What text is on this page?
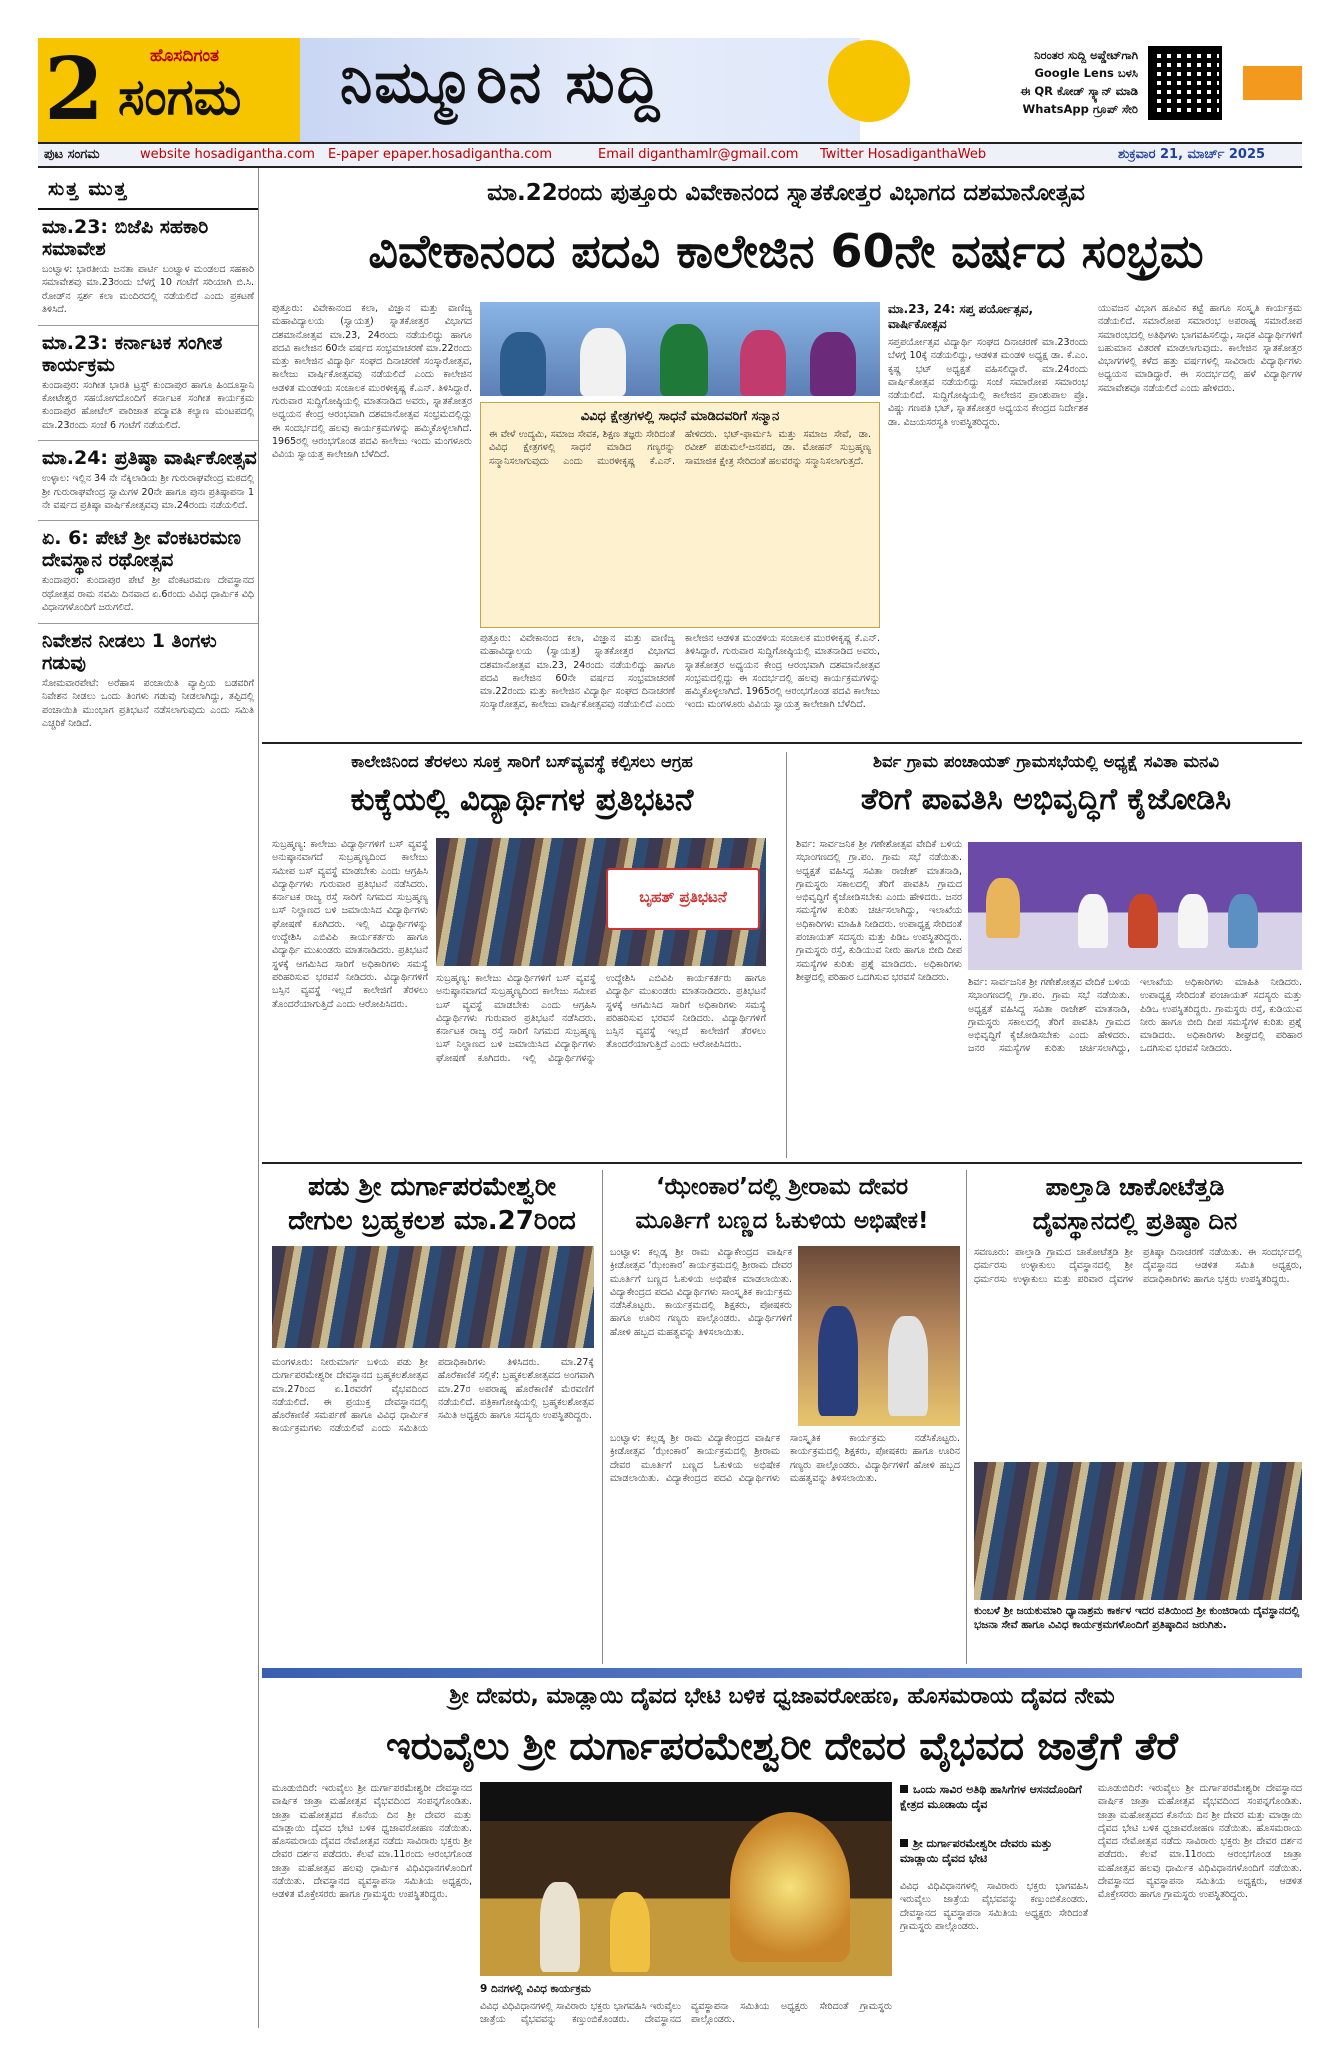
2	ಹೊಸದಿಗಂತ
ಸಂಗಮ ನಿಮ್ಮೂರಿನ ಸುದ್ದಿ	ನಿರಂತರ ಸುದ್ದಿ ಅಪ್ಡೇಟ್‌ಗಾಗಿ
Google Lens ಬಳಸಿ
ಈ QR ಕೋಡ್ ಸ್ಕ್ಯಾನ್ ಮಾಡಿ
WhatsApp ಗ್ರೂಪ್ ಸೇರಿ
ಪುಟ ಸಂಗಮ	website hosadigantha.com E-paper epaper.hosadigantha.com	Email diganthamlr@gmail.com Twitter HosadiganthaWeb	ಶುಕ್ರವಾರ 21, ಮಾರ್ಚ್ 2025
ಸುತ್ತ ಮುತ್ತ
ಮಾ.23: ಬಿಜೆಪಿ ಸಹಕಾರಿ ಸಮಾವೇಶ

ಬಂಟ್ವಾಳ: ಭಾರತೀಯ ಜನತಾ ಪಾರ್ಟಿ ಬಂಟ್ವಾಳ ಮಂಡಲದ ಸಹಕಾರಿ ಸಮಾವೇಶವು ಮಾ.23ರಂದು ಬೆಳಗ್ಗೆ 10 ಗಂಟೆಗೆ ಸರಿಯಾಗಿ ಬಿ.ಸಿ. ರೋಡ್‌ನ ಸ್ಪರ್ಶ ಕಲಾ ಮಂದಿರದಲ್ಲಿ ನಡೆಯಲಿದೆ ಎಂದು ಪ್ರಕಟಣೆ ತಿಳಿಸಿದೆ.

ಮಾ.23: ಕರ್ನಾಟಕ ಸಂಗೀತ ಕಾರ್ಯಕ್ರಮ

ಕುಂದಾಪುರ: ಸಂಗೀತ ಭಾರತಿ ಟ್ರಸ್ಟ್ ಕುಂದಾಪುರ ಹಾಗೂ ಹಿಂದೂಸ್ಥಾನಿ ಕೋಟೇಶ್ವರ ಸಹಯೋಗದೊಂದಿಗೆ ಕರ್ನಾಟಕ ಸಂಗೀತ ಕಾರ್ಯಕ್ರಮ ಕುಂದಾಪುರ ಹೋಟೆಲ್ ಪಾರಿಜಾತ ಪದ್ಮಾವತಿ ಕಲ್ಯಾಣ ಮಂಟಪದಲ್ಲಿ ಮಾ.23ರಂದು ಸಂಜೆ 6 ಗಂಟೆಗೆ ನಡೆಯಲಿದೆ.

ಮಾ.24: ಪ್ರತಿಷ್ಠಾ ವಾರ್ಷಿಕೋತ್ಸವ

ಉಳ್ಳಾಲ: ಇಲ್ಲಿನ 34 ನೇ ನೆಕ್ಕಿಲಾಡಿಯ ಶ್ರೀ ಗುರುರಾಘವೇಂದ್ರ ಮಠದಲ್ಲಿ ಶ್ರೀ ಗುರುರಾಘವೇಂದ್ರ ಸ್ವಾಮಿಗಳ 20ನೇ ಹಾಗೂ ಪುನಃ ಪ್ರತಿಷ್ಠಾಪನಾ 1 ನೇ ವರ್ಷದ ಪ್ರತಿಷ್ಠಾ ವಾರ್ಷಿಕೋತ್ಸವವು ಮಾ.24ರಂದು ನಡೆಯಲಿದೆ.

ಏ. 6: ಪೇಟೆ ಶ್ರೀ ವೆಂಕಟರಮಣ ದೇವಸ್ಥಾನ ರಥೋತ್ಸವ

ಕುಂದಾಪುರ: ಕುಂದಾಪುರ ಪೇಟೆ ಶ್ರೀ ವೆಂಕಟರಮಣ ದೇವಸ್ಥಾನದ ರಥೋತ್ಸವ ರಾಮ ನವಮಿ ದಿನವಾದ ಏ.6ರಂದು ವಿವಿಧ ಧಾರ್ಮಿಕ ವಿಧಿ ವಿಧಾನಗಳೊಂದಿಗೆ ಜರುಗಲಿದೆ.

ನಿವೇಶನ ನೀಡಲು 1 ತಿಂಗಳು ಗಡುವು

ಸೋಮವಾರಪೇಟೆ: ಅರೆಹಾಸ ಪಂಚಾಯಿತಿ ವ್ಯಾಪ್ತಿಯ ಬಡವರಿಗೆ ನಿವೇಶನ ನೀಡಲು ಒಂದು ತಿಂಗಳು ಗಡುವು ನೀಡಲಾಗಿದ್ದು, ತಪ್ಪಿದಲ್ಲಿ ಪಂಚಾಯಿತಿ ಮುಂಭಾಗ ಪ್ರತಿಭಟನೆ ನಡೆಸಲಾಗುವುದು ಎಂದು ಸಮಿತಿ ಎಚ್ಚರಿಕೆ ನೀಡಿದೆ.

ಮಾ.22ರಂದು ಪುತ್ತೂರು ವಿವೇಕಾನಂದ ಸ್ನಾತಕೋತ್ತರ ವಿಭಾಗದ ದಶಮಾನೋತ್ಸವ
ವಿವೇಕಾನಂದ ಪದವಿ ಕಾಲೇಜಿನ 60ನೇ ವರ್ಷದ ಸಂಭ್ರಮ
ಪುತ್ತೂರು: ವಿವೇಕಾನಂದ ಕಲಾ, ವಿಜ್ಞಾನ ಮತ್ತು ವಾಣಿಜ್ಯ ಮಹಾವಿದ್ಯಾಲಯ (ಸ್ವಾಯತ್ತ) ಸ್ನಾತಕೋತ್ತರ ವಿಭಾಗದ ದಶಮಾನೋತ್ಸವ ಮಾ.23, 24ರಂದು ನಡೆಯಲಿದ್ದು ಹಾಗೂ ಪದವಿ ಕಾಲೇಜಿನ 60ನೇ ವರ್ಷದ ಸಂಭ್ರಮಾಚರಣೆ ಮಾ.22ರಂದು ಮತ್ತು ಕಾಲೇಜಿನ ವಿದ್ಯಾರ್ಥಿ ಸಂಘದ ದಿನಾಚರಣೆ ಸಂಸ್ಕಾರೋತ್ಸವ, ಕಾಲೇಜು ವಾರ್ಷಿಕೋತ್ಸವವು ನಡೆಯಲಿದೆ ಎಂದು ಕಾಲೇಜಿನ ಆಡಳಿತ ಮಂಡಳಿಯ ಸಂಚಾಲಕ ಮುರಳೀಕೃಷ್ಣ ಕೆ.ಎನ್. ತಿಳಿಸಿದ್ದಾರೆ. ಗುರುವಾರ ಸುದ್ದಿಗೋಷ್ಠಿಯಲ್ಲಿ ಮಾತನಾಡಿದ ಅವರು, ಸ್ನಾತಕೋತ್ತರ ಅಧ್ಯಯನ ಕೇಂದ್ರ ಆರಂಭವಾಗಿ ದಶಮಾನೋತ್ಸವ ಸಂಭ್ರಮದಲ್ಲಿದ್ದು ಈ ಸಂದರ್ಭದಲ್ಲಿ ಹಲವು ಕಾರ್ಯಕ್ರಮಗಳನ್ನು ಹಮ್ಮಿಕೊಳ್ಳಲಾಗಿದೆ. 1965ರಲ್ಲಿ ಆರಂಭಗೊಂಡ ಪದವಿ ಕಾಲೇಜು ಇಂದು ಮಂಗಳೂರು ವಿವಿಯ ಸ್ವಾಯತ್ತ ಕಾಲೇಜಾಗಿ ಬೆಳೆದಿದೆ.
ವಿವಿಧ ಕ್ಷೇತ್ರಗಳಲ್ಲಿ ಸಾಧನೆ ಮಾಡಿದವರಿಗೆ ಸನ್ಮಾನ
ಈ ವೇಳೆ ಉದ್ಯಮಿ, ಸಮಾಜ ಸೇವಕ, ಶಿಕ್ಷಣ ತಜ್ಞರು ಸೇರಿದಂತೆ ವಿವಿಧ ಕ್ಷೇತ್ರಗಳಲ್ಲಿ ಸಾಧನೆ ಮಾಡಿದ ಗಣ್ಯರನ್ನು ಸನ್ಮಾನಿಸಲಾಗುವುದು ಎಂದು ಮುರಳೀಕೃಷ್ಣ ಕೆ.ಎನ್. ಹೇಳಿದರು. ಭಟ್-ಫಾರ್ಮಸಿ ಮತ್ತು ಸಮಾಜ ಸೇವೆ, ಡಾ. ರವೀಶ್ ಪಡುಮಲೆ-ಜನಪದ, ಡಾ. ಮೋಹನ್ ಸುಬ್ರಹ್ಮಣ್ಯ ಸಾಮಾಜಿಕ ಕ್ಷೇತ್ರ ಸೇರಿದಂತೆ ಹಲವರನ್ನು ಸನ್ಮಾನಿಸಲಾಗುತ್ತದೆ.
ಪುತ್ತೂರು: ವಿವೇಕಾನಂದ ಕಲಾ, ವಿಜ್ಞಾನ ಮತ್ತು ವಾಣಿಜ್ಯ ಮಹಾವಿದ್ಯಾಲಯ (ಸ್ವಾಯತ್ತ) ಸ್ನಾತಕೋತ್ತರ ವಿಭಾಗದ ದಶಮಾನೋತ್ಸವ ಮಾ.23, 24ರಂದು ನಡೆಯಲಿದ್ದು ಹಾಗೂ ಪದವಿ ಕಾಲೇಜಿನ 60ನೇ ವರ್ಷದ ಸಂಭ್ರಮಾಚರಣೆ ಮಾ.22ರಂದು ಮತ್ತು ಕಾಲೇಜಿನ ವಿದ್ಯಾರ್ಥಿ ಸಂಘದ ದಿನಾಚರಣೆ ಸಂಸ್ಕಾರೋತ್ಸವ, ಕಾಲೇಜು ವಾರ್ಷಿಕೋತ್ಸವವು ನಡೆಯಲಿದೆ ಎಂದು ಕಾಲೇಜಿನ ಆಡಳಿತ ಮಂಡಳಿಯ ಸಂಚಾಲಕ ಮುರಳೀಕೃಷ್ಣ ಕೆ.ಎನ್. ತಿಳಿಸಿದ್ದಾರೆ. ಗುರುವಾರ ಸುದ್ದಿಗೋಷ್ಠಿಯಲ್ಲಿ ಮಾತನಾಡಿದ ಅವರು, ಸ್ನಾತಕೋತ್ತರ ಅಧ್ಯಯನ ಕೇಂದ್ರ ಆರಂಭವಾಗಿ ದಶಮಾನೋತ್ಸವ ಸಂಭ್ರಮದಲ್ಲಿದ್ದು ಈ ಸಂದರ್ಭದಲ್ಲಿ ಹಲವು ಕಾರ್ಯಕ್ರಮಗಳನ್ನು ಹಮ್ಮಿಕೊಳ್ಳಲಾಗಿದೆ. 1965ರಲ್ಲಿ ಆರಂಭಗೊಂಡ ಪದವಿ ಕಾಲೇಜು ಇಂದು ಮಂಗಳೂರು ವಿವಿಯ ಸ್ವಾಯತ್ತ ಕಾಲೇಜಾಗಿ ಬೆಳೆದಿದೆ.
ಮಾ.23, 24: ಸಪ್ತ ಪರ್ಯೋತ್ಸವ, ವಾರ್ಷಿಕೋತ್ಸವ
ಸಪ್ತಪರ್ಯೋತ್ಸವ ವಿದ್ಯಾರ್ಥಿ ಸಂಘದ ದಿನಾಚರಣೆ ಮಾ.23ರಂದು ಬೆಳಗ್ಗೆ 10ಕ್ಕೆ ನಡೆಯಲಿದ್ದು, ಆಡಳಿತ ಮಂಡಳಿ ಅಧ್ಯಕ್ಷ ಡಾ. ಕೆ.ಎಂ. ಕೃಷ್ಣ ಭಟ್ ಅಧ್ಯಕ್ಷತೆ ವಹಿಸಲಿದ್ದಾರೆ. ಮಾ.24ರಂದು ವಾರ್ಷಿಕೋತ್ಸವ ನಡೆಯಲಿದ್ದು ಸಂಜೆ ಸಮಾರೋಪ ಸಮಾರಂಭ ನಡೆಯಲಿದೆ. ಸುದ್ದಿಗೋಷ್ಠಿಯಲ್ಲಿ ಕಾಲೇಜಿನ ಪ್ರಾಂಶುಪಾಲ ಪ್ರೊ. ವಿಷ್ಣು ಗಣಪತಿ ಭಟ್, ಸ್ನಾತಕೋತ್ತರ ಅಧ್ಯಯನ ಕೇಂದ್ರದ ನಿರ್ದೇಶಕ ಡಾ. ವಿಜಯಸರಸ್ವತಿ ಉಪಸ್ಥಿತರಿದ್ದರು.
ಯುವಜನ ವಿಭಾಗ ಹೂವಿನ ಕಟ್ಟೆ ಹಾಗೂ ಸಂಸ್ಕೃತಿ ಕಾರ್ಯಕ್ರಮ ನಡೆಯಲಿದೆ. ಸಮಾರೋಪ ಸಮಾರಂಭ ಅಪರಾಹ್ನ ಸಮಾರೋಪ ಸಮಾರಂಭದಲ್ಲಿ ಅತಿಥಿಗಳು ಭಾಗವಹಿಸಲಿದ್ದು, ಸಾಧಕ ವಿದ್ಯಾರ್ಥಿಗಳಿಗೆ ಬಹುಮಾನ ವಿತರಣೆ ಮಾಡಲಾಗುವುದು. ಕಾಲೇಜಿನ ಸ್ನಾತಕೋತ್ತರ ವಿಭಾಗಗಳಲ್ಲಿ ಕಳೆದ ಹತ್ತು ವರ್ಷಗಳಲ್ಲಿ ಸಾವಿರಾರು ವಿದ್ಯಾರ್ಥಿಗಳು ಅಧ್ಯಯನ ಮಾಡಿದ್ದಾರೆ. ಈ ಸಂದರ್ಭದಲ್ಲಿ ಹಳೆ ವಿದ್ಯಾರ್ಥಿಗಳ ಸಮಾವೇಶವೂ ನಡೆಯಲಿದೆ ಎಂದು ಹೇಳಿದರು.
ಕಾಲೇಜಿನಿಂದ ತೆರಳಲು ಸೂಕ್ತ ಸಾರಿಗೆ ಬಸ್‌ವ್ಯವಸ್ಥೆ ಕಲ್ಪಿಸಲು ಆಗ್ರಹ
ಕುಕ್ಕೆಯಲ್ಲಿ ವಿದ್ಯಾರ್ಥಿಗಳ ಪ್ರತಿಭಟನೆ
ಸುಬ್ರಹ್ಮಣ್ಯ: ಕಾಲೇಜು ವಿದ್ಯಾರ್ಥಿಗಳಿಗೆ ಬಸ್ ವ್ಯವಸ್ಥೆ ಅನುಷ್ಠಾನವಾಗದೆ ಸುಬ್ರಹ್ಮಣ್ಯದಿಂದ ಕಾಲೇಜು ಸಮೀಪ ಬಸ್ ವ್ಯವಸ್ಥೆ ಮಾಡಬೇಕು ಎಂದು ಆಗ್ರಹಿಸಿ ವಿದ್ಯಾರ್ಥಿಗಳು ಗುರುವಾರ ಪ್ರತಿಭಟನೆ ನಡೆಸಿದರು. ಕರ್ನಾಟಕ ರಾಜ್ಯ ರಸ್ತೆ ಸಾರಿಗೆ ನಿಗಮದ ಸುಬ್ರಹ್ಮಣ್ಯ ಬಸ್ ನಿಲ್ದಾಣದ ಬಳಿ ಜಮಾಯಿಸಿದ ವಿದ್ಯಾರ್ಥಿಗಳು ಘೋಷಣೆ ಕೂಗಿದರು. ಇಲ್ಲಿ ವಿದ್ಯಾರ್ಥಿಗಳನ್ನು ಉದ್ದೇಶಿಸಿ ಎಬಿವಿಪಿ ಕಾರ್ಯಕರ್ತರು ಹಾಗೂ ವಿದ್ಯಾರ್ಥಿ ಮುಖಂಡರು ಮಾತನಾಡಿದರು. ಪ್ರತಿಭಟನೆ ಸ್ಥಳಕ್ಕೆ ಆಗಮಿಸಿದ ಸಾರಿಗೆ ಅಧಿಕಾರಿಗಳು ಸಮಸ್ಯೆ ಪರಿಹರಿಸುವ ಭರವಸೆ ನೀಡಿದರು. ವಿದ್ಯಾರ್ಥಿಗಳಿಗೆ ಬಸ್ಸಿನ ವ್ಯವಸ್ಥೆ ಇಲ್ಲದೆ ಕಾಲೇಜಿಗೆ ತೆರಳಲು ತೊಂದರೆಯಾಗುತ್ತಿದೆ ಎಂದು ಆರೋಪಿಸಿದರು.
ಬೃಹತ್ ಪ್ರತಿಭಟನೆ
ಸುಬ್ರಹ್ಮಣ್ಯ: ಕಾಲೇಜು ವಿದ್ಯಾರ್ಥಿಗಳಿಗೆ ಬಸ್ ವ್ಯವಸ್ಥೆ ಅನುಷ್ಠಾನವಾಗದೆ ಸುಬ್ರಹ್ಮಣ್ಯದಿಂದ ಕಾಲೇಜು ಸಮೀಪ ಬಸ್ ವ್ಯವಸ್ಥೆ ಮಾಡಬೇಕು ಎಂದು ಆಗ್ರಹಿಸಿ ವಿದ್ಯಾರ್ಥಿಗಳು ಗುರುವಾರ ಪ್ರತಿಭಟನೆ ನಡೆಸಿದರು. ಕರ್ನಾಟಕ ರಾಜ್ಯ ರಸ್ತೆ ಸಾರಿಗೆ ನಿಗಮದ ಸುಬ್ರಹ್ಮಣ್ಯ ಬಸ್ ನಿಲ್ದಾಣದ ಬಳಿ ಜಮಾಯಿಸಿದ ವಿದ್ಯಾರ್ಥಿಗಳು ಘೋಷಣೆ ಕೂಗಿದರು. ಇಲ್ಲಿ ವಿದ್ಯಾರ್ಥಿಗಳನ್ನು ಉದ್ದೇಶಿಸಿ ಎಬಿವಿಪಿ ಕಾರ್ಯಕರ್ತರು ಹಾಗೂ ವಿದ್ಯಾರ್ಥಿ ಮುಖಂಡರು ಮಾತನಾಡಿದರು. ಪ್ರತಿಭಟನೆ ಸ್ಥಳಕ್ಕೆ ಆಗಮಿಸಿದ ಸಾರಿಗೆ ಅಧಿಕಾರಿಗಳು ಸಮಸ್ಯೆ ಪರಿಹರಿಸುವ ಭರವಸೆ ನೀಡಿದರು. ವಿದ್ಯಾರ್ಥಿಗಳಿಗೆ ಬಸ್ಸಿನ ವ್ಯವಸ್ಥೆ ಇಲ್ಲದೆ ಕಾಲೇಜಿಗೆ ತೆರಳಲು ತೊಂದರೆಯಾಗುತ್ತಿದೆ ಎಂದು ಆರೋಪಿಸಿದರು.
ಶಿರ್ವ ಗ್ರಾಮ ಪಂಚಾಯತ್ ಗ್ರಾಮಸಭೆಯಲ್ಲಿ ಅಧ್ಯಕ್ಷೆ ಸವಿತಾ ಮನವಿ
ತೆರಿಗೆ ಪಾವತಿಸಿ ಅಭಿವೃದ್ಧಿಗೆ ಕೈಜೋಡಿಸಿ
ಶಿರ್ವ: ಸಾರ್ವಜನಿಕ ಶ್ರೀ ಗಣೇಶೋತ್ಸವ ವೇದಿಕೆ ಬಳಿಯ ಸಭಾಂಗಣದಲ್ಲಿ ಗ್ರಾ.ಪಂ. ಗ್ರಾಮ ಸಭೆ ನಡೆಯಿತು. ಅಧ್ಯಕ್ಷತೆ ವಹಿಸಿದ್ದ ಸವಿತಾ ರಾಜೇಶ್ ಮಾತನಾಡಿ, ಗ್ರಾಮಸ್ಥರು ಸಕಾಲದಲ್ಲಿ ತೆರಿಗೆ ಪಾವತಿಸಿ ಗ್ರಾಮದ ಅಭಿವೃದ್ಧಿಗೆ ಕೈಜೋಡಿಸಬೇಕು ಎಂದು ಹೇಳಿದರು. ಜನರ ಸಮಸ್ಯೆಗಳ ಕುರಿತು ಚರ್ಚಿಸಲಾಗಿದ್ದು, ಇಲಾಖೆಯ ಅಧಿಕಾರಿಗಳು ಮಾಹಿತಿ ನೀಡಿದರು. ಉಪಾಧ್ಯಕ್ಷ ಸೇರಿದಂತೆ ಪಂಚಾಯತ್ ಸದಸ್ಯರು ಮತ್ತು ಪಿಡಿಒ ಉಪಸ್ಥಿತರಿದ್ದರು. ಗ್ರಾಮಸ್ಥರು ರಸ್ತೆ, ಕುಡಿಯುವ ನೀರು ಹಾಗೂ ಬೀದಿ ದೀಪ ಸಮಸ್ಯೆಗಳ ಕುರಿತು ಪ್ರಶ್ನೆ ಮಾಡಿದರು. ಅಧಿಕಾರಿಗಳು ಶೀಘ್ರದಲ್ಲಿ ಪರಿಹಾರ ಒದಗಿಸುವ ಭರವಸೆ ನೀಡಿದರು.	ಶಿರ್ವ: ಸಾರ್ವಜನಿಕ ಶ್ರೀ ಗಣೇಶೋತ್ಸವ ವೇದಿಕೆ ಬಳಿಯ ಸಭಾಂಗಣದಲ್ಲಿ ಗ್ರಾ.ಪಂ. ಗ್ರಾಮ ಸಭೆ ನಡೆಯಿತು. ಅಧ್ಯಕ್ಷತೆ ವಹಿಸಿದ್ದ ಸವಿತಾ ರಾಜೇಶ್ ಮಾತನಾಡಿ, ಗ್ರಾಮಸ್ಥರು ಸಕಾಲದಲ್ಲಿ ತೆರಿಗೆ ಪಾವತಿಸಿ ಗ್ರಾಮದ ಅಭಿವೃದ್ಧಿಗೆ ಕೈಜೋಡಿಸಬೇಕು ಎಂದು ಹೇಳಿದರು. ಜನರ ಸಮಸ್ಯೆಗಳ ಕುರಿತು ಚರ್ಚಿಸಲಾಗಿದ್ದು, ಇಲಾಖೆಯ ಅಧಿಕಾರಿಗಳು ಮಾಹಿತಿ ನೀಡಿದರು. ಉಪಾಧ್ಯಕ್ಷ ಸೇರಿದಂತೆ ಪಂಚಾಯತ್ ಸದಸ್ಯರು ಮತ್ತು ಪಿಡಿಒ ಉಪಸ್ಥಿತರಿದ್ದರು. ಗ್ರಾಮಸ್ಥರು ರಸ್ತೆ, ಕುಡಿಯುವ ನೀರು ಹಾಗೂ ಬೀದಿ ದೀಪ ಸಮಸ್ಯೆಗಳ ಕುರಿತು ಪ್ರಶ್ನೆ ಮಾಡಿದರು. ಅಧಿಕಾರಿಗಳು ಶೀಘ್ರದಲ್ಲಿ ಪರಿಹಾರ ಒದಗಿಸುವ ಭರವಸೆ ನೀಡಿದರು.
ಪಡು ಶ್ರೀ ದುರ್ಗಾಪರಮೇಶ್ವರೀ
ದೇಗುಲ ಬ್ರಹ್ಮಕಲಶ ಮಾ.27ರಿಂದ
ಮಂಗಳೂರು: ನೀರುಮಾರ್ಗ ಬಳಿಯ ಪಡು ಶ್ರೀ ದುರ್ಗಾಪರಮೇಶ್ವರೀ ದೇವಸ್ಥಾನದ ಬ್ರಹ್ಮಕಲಶೋತ್ಸವ ಮಾ.27ರಿಂದ ಏ.1ರವರೆಗೆ ವೈಭವದಿಂದ ನಡೆಯಲಿದೆ. ಈ ಪ್ರಯುಕ್ತ ದೇವಸ್ಥಾನದಲ್ಲಿ ಹೊರೆಕಾಣಿಕೆ ಸಮರ್ಪಣೆ ಹಾಗೂ ವಿವಿಧ ಧಾರ್ಮಿಕ ಕಾರ್ಯಕ್ರಮಗಳು ನಡೆಯಲಿವೆ ಎಂದು ಸಮಿತಿಯ ಪದಾಧಿಕಾರಿಗಳು ತಿಳಿಸಿದರು. ಮಾ.27ಕ್ಕೆ ಹೊರೆಕಾಣಿಕೆ ಸಲ್ಲಿಕೆ: ಬ್ರಹ್ಮಕಲಶೋತ್ಸವದ ಅಂಗವಾಗಿ ಮಾ.27ರ ಅಪರಾಹ್ನ ಹೊರೆಕಾಣಿಕೆ ಮೆರವಣಿಗೆ ನಡೆಯಲಿದೆ. ಪತ್ರಿಕಾಗೋಷ್ಠಿಯಲ್ಲಿ ಬ್ರಹ್ಮಕಲಶೋತ್ಸವ ಸಮಿತಿ ಅಧ್ಯಕ್ಷರು ಹಾಗೂ ಸದಸ್ಯರು ಉಪಸ್ಥಿತರಿದ್ದರು.
‘ಝೇಂಕಾರ’ದಲ್ಲಿ ಶ್ರೀರಾಮ ದೇವರ
ಮೂರ್ತಿಗೆ ಬಣ್ಣದ ಓಕುಳಿಯ ಅಭಿಷೇಕ!
ಬಂಟ್ವಾಳ: ಕಲ್ಲಡ್ಕ ಶ್ರೀ ರಾಮ ವಿದ್ಯಾಕೇಂದ್ರದ ವಾರ್ಷಿಕ ಕ್ರೀಡೋತ್ಸವ ‘ಝೇಂಕಾರ’ ಕಾರ್ಯಕ್ರಮದಲ್ಲಿ ಶ್ರೀರಾಮ ದೇವರ ಮೂರ್ತಿಗೆ ಬಣ್ಣದ ಓಕುಳಿಯ ಅಭಿಷೇಕ ಮಾಡಲಾಯಿತು. ವಿದ್ಯಾಕೇಂದ್ರದ ಪದವಿ ವಿದ್ಯಾರ್ಥಿಗಳು ಸಾಂಸ್ಕೃತಿಕ ಕಾರ್ಯಕ್ರಮ ನಡೆಸಿಕೊಟ್ಟರು. ಕಾರ್ಯಕ್ರಮದಲ್ಲಿ ಶಿಕ್ಷಕರು, ಪೋಷಕರು ಹಾಗೂ ಊರಿನ ಗಣ್ಯರು ಪಾಲ್ಗೊಂಡರು. ವಿದ್ಯಾರ್ಥಿಗಳಿಗೆ ಹೋಳಿ ಹಬ್ಬದ ಮಹತ್ವವನ್ನು ತಿಳಿಸಲಾಯಿತು.
ಬಂಟ್ವಾಳ: ಕಲ್ಲಡ್ಕ ಶ್ರೀ ರಾಮ ವಿದ್ಯಾಕೇಂದ್ರದ ವಾರ್ಷಿಕ ಕ್ರೀಡೋತ್ಸವ ‘ಝೇಂಕಾರ’ ಕಾರ್ಯಕ್ರಮದಲ್ಲಿ ಶ್ರೀರಾಮ ದೇವರ ಮೂರ್ತಿಗೆ ಬಣ್ಣದ ಓಕುಳಿಯ ಅಭಿಷೇಕ ಮಾಡಲಾಯಿತು. ವಿದ್ಯಾಕೇಂದ್ರದ ಪದವಿ ವಿದ್ಯಾರ್ಥಿಗಳು ಸಾಂಸ್ಕೃತಿಕ ಕಾರ್ಯಕ್ರಮ ನಡೆಸಿಕೊಟ್ಟರು. ಕಾರ್ಯಕ್ರಮದಲ್ಲಿ ಶಿಕ್ಷಕರು, ಪೋಷಕರು ಹಾಗೂ ಊರಿನ ಗಣ್ಯರು ಪಾಲ್ಗೊಂಡರು. ವಿದ್ಯಾರ್ಥಿಗಳಿಗೆ ಹೋಳಿ ಹಬ್ಬದ ಮಹತ್ವವನ್ನು ತಿಳಿಸಲಾಯಿತು.
ಪಾಲ್ತಾಡಿ ಚಾಕೋಟೆತ್ತಡಿ
ದೈವಸ್ಥಾನದಲ್ಲಿ ಪ್ರತಿಷ್ಠಾ ದಿನ
ಸವಣೂರು: ಪಾಲ್ತಾಡಿ ಗ್ರಾಮದ ಚಾಕೋಟೆತ್ತಡಿ ಶ್ರೀ ಧರ್ಮರಸು ಉಳ್ಳಾಕುಲು ದೈವಸ್ಥಾನದಲ್ಲಿ ಶ್ರೀ ಧರ್ಮರಸು ಉಳ್ಳಾಕುಲು ಮತ್ತು ಪರಿವಾರ ದೈವಗಳ ಪ್ರತಿಷ್ಠಾ ದಿನಾಚರಣೆ ನಡೆಯಿತು. ಈ ಸಂದರ್ಭದಲ್ಲಿ ದೈವಸ್ಥಾನದ ಆಡಳಿತ ಸಮಿತಿ ಅಧ್ಯಕ್ಷರು, ಪದಾಧಿಕಾರಿಗಳು ಹಾಗೂ ಭಕ್ತರು ಉಪಸ್ಥಿತರಿದ್ದರು.
ಕುಂಬಳೆ ಶ್ರೀ ಜಯಕುಮಾರಿ ಧ್ಯಾನಾಶ್ರಮ ಕಾರ್ಕಳ ಇದರ ವತಿಯಿಂದ ಶ್ರೀ ಕುಂಜಿರಾಯ ದೈವಸ್ಥಾನದಲ್ಲಿ ಭಜನಾ ಸೇವೆ ಹಾಗೂ ವಿವಿಧ ಕಾರ್ಯಕ್ರಮಗಳೊಂದಿಗೆ ಪ್ರತಿಷ್ಠಾದಿನ ಜರುಗಿತು.
ಶ್ರೀ ದೇವರು, ಮಾಡ್ಲಾಯಿ ದೈವದ ಭೇಟಿ ಬಳಿಕ ಧ್ವಜಾವರೋಹಣ, ಹೊಸಮರಾಯ ದೈವದ ನೇಮ
ಇರುವೈಲು ಶ್ರೀ ದುರ್ಗಾಪರಮೇಶ್ವರೀ ದೇವರ ವೈಭವದ ಜಾತ್ರೆಗೆ ತೆರೆ
ಮೂಡುಬಿದಿರೆ: ಇರುವೈಲು ಶ್ರೀ ದುರ್ಗಾಪರಮೇಶ್ವರೀ ದೇವಸ್ಥಾನದ ವಾರ್ಷಿಕ ಜಾತ್ರಾ ಮಹೋತ್ಸವ ವೈಭವದಿಂದ ಸಂಪನ್ನಗೊಂಡಿತು. ಜಾತ್ರಾ ಮಹೋತ್ಸವದ ಕೊನೆಯ ದಿನ ಶ್ರೀ ದೇವರ ಮತ್ತು ಮಾಡ್ಲಾಯಿ ದೈವದ ಭೇಟಿ ಬಳಿಕ ಧ್ವಜಾವರೋಹಣ ನಡೆಯಿತು. ಹೊಸಮರಾಯ ದೈವದ ನೇಮೋತ್ಸವ ನಡೆದು ಸಾವಿರಾರು ಭಕ್ತರು ಶ್ರೀ ದೇವರ ದರ್ಶನ ಪಡೆದರು. ಕೆಲವೆ ಮಾ.11ರಂದು ಆರಂಭಗೊಂಡ ಜಾತ್ರಾ ಮಹೋತ್ಸವ ಹಲವು ಧಾರ್ಮಿಕ ವಿಧಿವಿಧಾನಗಳೊಂದಿಗೆ ನಡೆಯಿತು. ದೇವಸ್ಥಾನದ ವ್ಯವಸ್ಥಾಪನಾ ಸಮಿತಿಯ ಅಧ್ಯಕ್ಷರು, ಆಡಳಿತ ಮೊಕ್ತೇಸರರು ಹಾಗೂ ಗ್ರಾಮಸ್ಥರು ಉಪಸ್ಥಿತರಿದ್ದರು.
9 ದಿನಗಳಲ್ಲಿ ವಿವಿಧ ಕಾರ್ಯಕ್ರಮ
ವಿವಿಧ ವಿಧಿವಿಧಾನಗಳಲ್ಲಿ ಸಾವಿರಾರು ಭಕ್ತರು ಭಾಗವಹಿಸಿ ಇರುವೈಲು ಜಾತ್ರೆಯ ವೈಭವವನ್ನು ಕಣ್ತುಂಬಿಕೊಂಡರು. ದೇವಸ್ಥಾನದ ವ್ಯವಸ್ಥಾಪನಾ ಸಮಿತಿಯ ಅಧ್ಯಕ್ಷರು ಸೇರಿದಂತೆ ಗ್ರಾಮಸ್ಥರು ಪಾಲ್ಗೊಂಡರು.
ಒಂದು ಸಾವಿರ ಅತಿಥಿ ಹಾಸಿಗೆಗಳ ಆಸನದೊಂದಿಗೆ ಕ್ಷೇತ್ರದ ಮೂಡಾಯಿ ದೈವ
ಶ್ರೀ ದುರ್ಗಾಪರಮೇಶ್ವರೀ ದೇವರು ಮತ್ತು ಮಾಡ್ಲಾಯಿ ದೈವದ ಭೇಟಿ
ವಿವಿಧ ವಿಧಿವಿಧಾನಗಳಲ್ಲಿ ಸಾವಿರಾರು ಭಕ್ತರು ಭಾಗವಹಿಸಿ ಇರುವೈಲು ಜಾತ್ರೆಯ ವೈಭವವನ್ನು ಕಣ್ತುಂಬಿಕೊಂಡರು. ದೇವಸ್ಥಾನದ ವ್ಯವಸ್ಥಾಪನಾ ಸಮಿತಿಯ ಅಧ್ಯಕ್ಷರು ಸೇರಿದಂತೆ ಗ್ರಾಮಸ್ಥರು ಪಾಲ್ಗೊಂಡರು.
ಮೂಡುಬಿದಿರೆ: ಇರುವೈಲು ಶ್ರೀ ದುರ್ಗಾಪರಮೇಶ್ವರೀ ದೇವಸ್ಥಾನದ ವಾರ್ಷಿಕ ಜಾತ್ರಾ ಮಹೋತ್ಸವ ವೈಭವದಿಂದ ಸಂಪನ್ನಗೊಂಡಿತು. ಜಾತ್ರಾ ಮಹೋತ್ಸವದ ಕೊನೆಯ ದಿನ ಶ್ರೀ ದೇವರ ಮತ್ತು ಮಾಡ್ಲಾಯಿ ದೈವದ ಭೇಟಿ ಬಳಿಕ ಧ್ವಜಾವರೋಹಣ ನಡೆಯಿತು. ಹೊಸಮರಾಯ ದೈವದ ನೇಮೋತ್ಸವ ನಡೆದು ಸಾವಿರಾರು ಭಕ್ತರು ಶ್ರೀ ದೇವರ ದರ್ಶನ ಪಡೆದರು. ಕೆಲವೆ ಮಾ.11ರಂದು ಆರಂಭಗೊಂಡ ಜಾತ್ರಾ ಮಹೋತ್ಸವ ಹಲವು ಧಾರ್ಮಿಕ ವಿಧಿವಿಧಾನಗಳೊಂದಿಗೆ ನಡೆಯಿತು. ದೇವಸ್ಥಾನದ ವ್ಯವಸ್ಥಾಪನಾ ಸಮಿತಿಯ ಅಧ್ಯಕ್ಷರು, ಆಡಳಿತ ಮೊಕ್ತೇಸರರು ಹಾಗೂ ಗ್ರಾಮಸ್ಥರು ಉಪಸ್ಥಿತರಿದ್ದರು.
